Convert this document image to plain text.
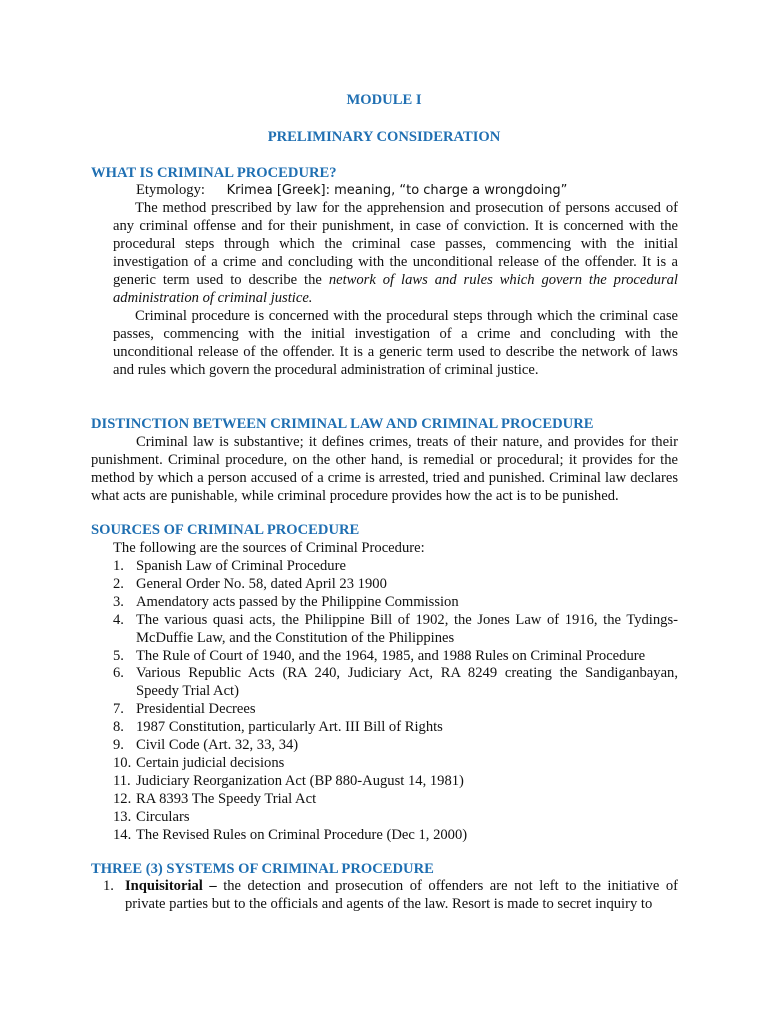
MODULE I
PRELIMINARY CONSIDERATION
WHAT IS CRIMINAL PROCEDURE?
Etymology: Krimea [Greek]: meaning, “to charge a wrongdoing”
The method prescribed by law for the apprehension and prosecution of persons accused of any criminal offense and for their punishment, in case of conviction. It is concerned with the procedural steps through which the criminal case passes, commencing with the initial investigation of a crime and concluding with the unconditional release of the offender. It is a generic term used to describe the network of laws and rules which govern the procedural administration of criminal justice.
Criminal procedure is concerned with the procedural steps through which the criminal case passes, commencing with the initial investigation of a crime and concluding with the unconditional release of the offender. It is a generic term used to describe the network of laws and rules which govern the procedural administration of criminal justice.
DISTINCTION BETWEEN CRIMINAL LAW AND CRIMINAL PROCEDURE
Criminal law is substantive; it defines crimes, treats of their nature, and provides for their punishment. Criminal procedure, on the other hand, is remedial or procedural; it provides for the method by which a person accused of a crime is arrested, tried and punished. Criminal law declares what acts are punishable, while criminal procedure provides how the act is to be punished.
SOURCES OF CRIMINAL PROCEDURE
The following are the sources of Criminal Procedure:
1. Spanish Law of Criminal Procedure
2. General Order No. 58, dated April 23 1900
3. Amendatory acts passed by the Philippine Commission
4. The various quasi acts, the Philippine Bill of 1902, the Jones Law of 1916, the Tydings-McDuffie Law, and the Constitution of the Philippines
5. The Rule of Court of 1940, and the 1964, 1985, and 1988 Rules on Criminal Procedure
6. Various Republic Acts (RA 240, Judiciary Act, RA 8249 creating the Sandiganbayan, Speedy Trial Act)
7. Presidential Decrees
8. 1987 Constitution, particularly Art. III Bill of Rights
9. Civil Code (Art. 32, 33, 34)
10. Certain judicial decisions
11. Judiciary Reorganization Act (BP 880-August 14, 1981)
12. RA 8393 The Speedy Trial Act
13. Circulars
14. The Revised Rules on Criminal Procedure (Dec 1, 2000)
THREE (3) SYSTEMS OF CRIMINAL PROCEDURE
1. Inquisitorial – the detection and prosecution of offenders are not left to the initiative of private parties but to the officials and agents of the law. Resort is made to secret inquiry to
